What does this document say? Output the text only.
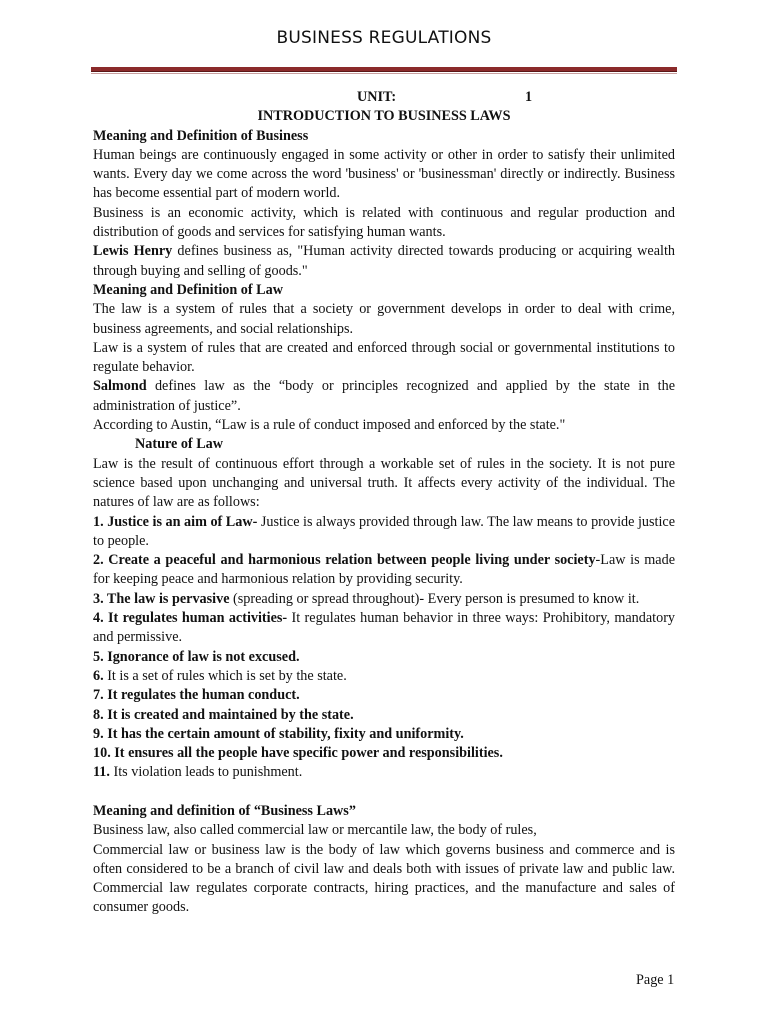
BUSINESS REGULATIONS
UNIT:	1

INTRODUCTION TO BUSINESS LAWS

Meaning and Definition of Business

Human beings are continuously engaged in some activity or other in order to satisfy their unlimited wants. Every day we come across the word 'business' or 'businessman' directly or indirectly. Business has become essential part of modern world.

Business is an economic activity, which is related with continuous and regular production and distribution of goods and services for satisfying human wants.

Lewis Henry defines business as, "Human activity directed towards producing or acquiring wealth through buying and selling of goods."

Meaning and Definition of Law

The law is a system of rules that a society or government develops in order to deal with crime, business agreements, and social relationships.

Law is a system of rules that are created and enforced through social or governmental institutions to regulate behavior.

Salmond defines law as the “body or principles recognized and applied by the state in the administration of justice”.

According to Austin, “Law is a rule of conduct imposed and enforced by the state."

Nature of Law

Law is the result of continuous effort through a workable set of rules in the society. It is not pure science based upon unchanging and universal truth. It affects every activity of the individual. The natures of law are as follows:

1. Justice is an aim of Law- Justice is always provided through law. The law means to provide justice to people.

2. Create a peaceful and harmonious relation between people living under society-Law is made for keeping peace and harmonious relation by providing security.

3. The law is pervasive (spreading or spread throughout)- Every person is presumed to know it.

4. It regulates human activities- It regulates human behavior in three ways: Prohibitory, mandatory and permissive.

5. Ignorance of law is not excused.

6. It is a set of rules which is set by the state.

7. It regulates the human conduct.

8. It is created and maintained by the state.

9. It has the certain amount of stability, fixity and uniformity.

10. It ensures all the people have specific power and responsibilities.

11. Its violation leads to punishment.

Meaning and definition of “Business Laws”

Business law, also called commercial law or mercantile law, the body of rules,

Commercial law or business law is the body of law which governs business and commerce and is often considered to be a branch of civil law and deals both with issues of private law and public law. Commercial law regulates corporate contracts, hiring practices, and the manufacture and sales of consumer goods.

Page 1
